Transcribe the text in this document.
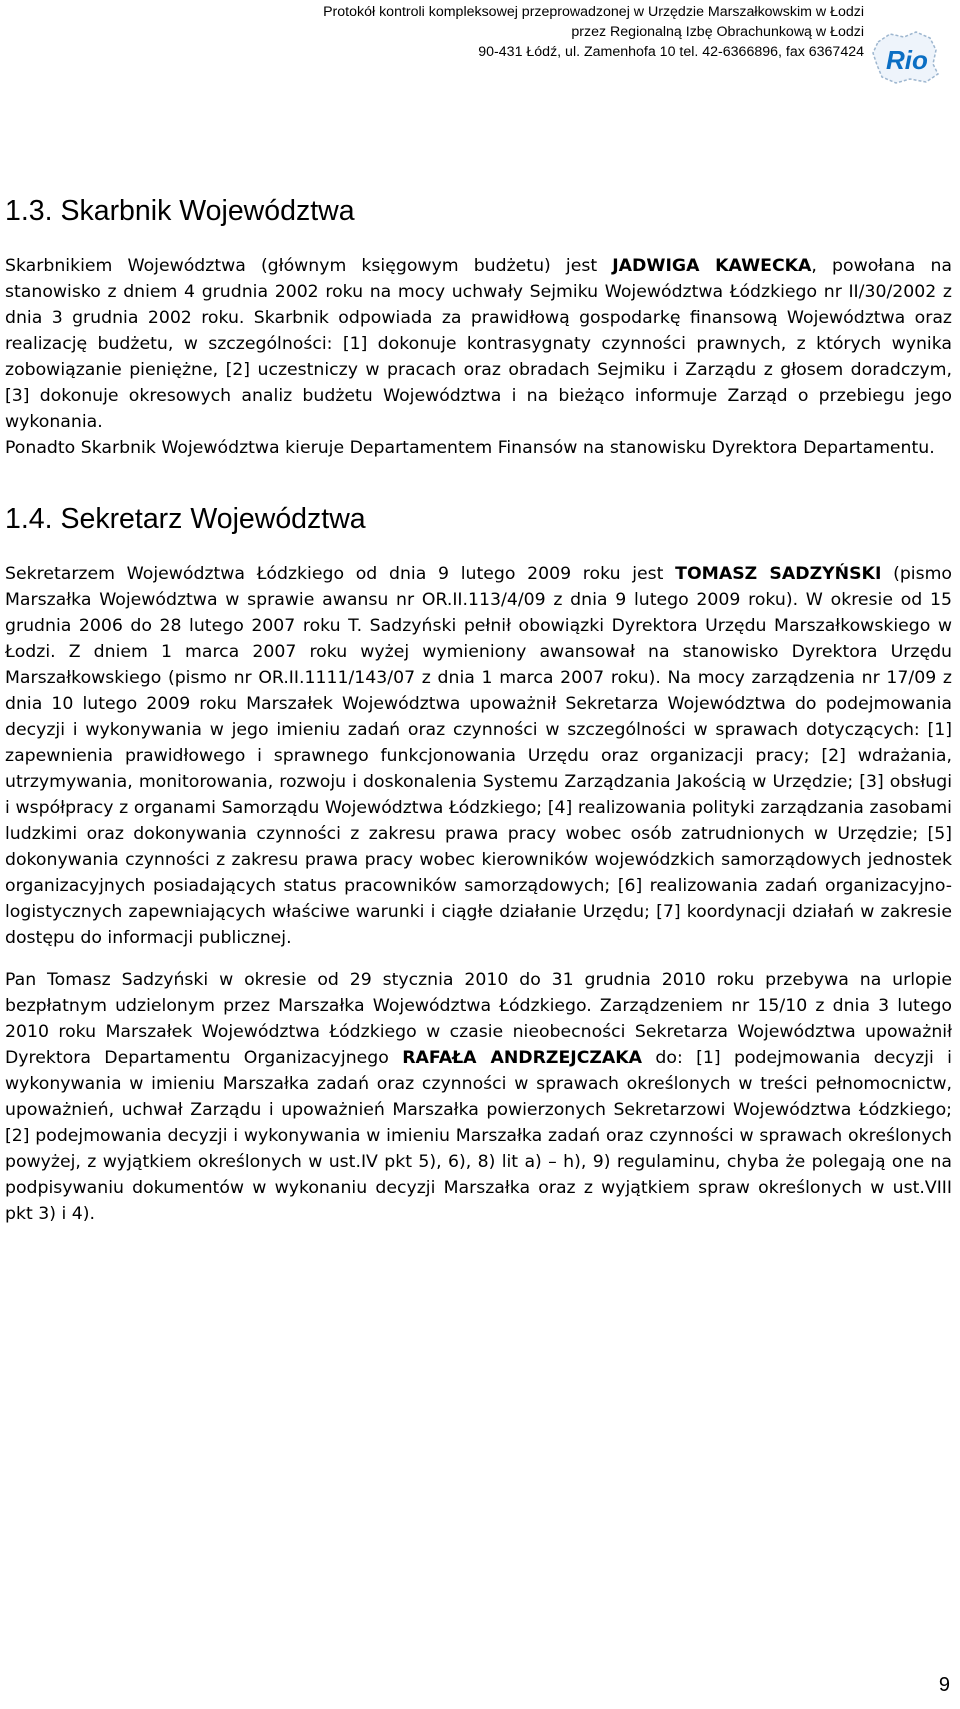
Protokół kontroli kompleksowej przeprowadzonej w Urzędzie Marszałkowskim w Łodzi
przez Regionalną Izbę Obrachunkową w Łodzi
90-431 Łódź, ul. Zamenhofa 10 tel. 42-6366896, fax 6367424 Rio
1.3. Skarbnik Województwa

Skarbnikiem Województwa (głównym księgowym budżetu) jest JADWIGA KAWECKA, powołana na stanowisko z dniem 4 grudnia 2002 roku na mocy uchwały Sejmiku Województwa Łódzkiego nr II/30/2002 z dnia 3 grudnia 2002 roku. Skarbnik odpowiada za prawidłową gospodarkę finansową Województwa oraz realizację budżetu, w szczególności: [1] dokonuje kontrasygnaty czynności prawnych, z których wynika zobowiązanie pieniężne, [2] uczestniczy w pracach oraz obradach Sejmiku i Zarządu z głosem doradczym, [3] dokonuje okresowych analiz budżetu Województwa i na bieżąco informuje Zarząd o przebiegu jego wykonania.

Ponadto Skarbnik Województwa kieruje Departamentem Finansów na stanowisku Dyrektora Departamentu.

1.4. Sekretarz Województwa

Sekretarzem Województwa Łódzkiego od dnia 9 lutego 2009 roku jest TOMASZ SADZYŃSKI (pismo Marszałka Województwa w sprawie awansu nr OR.II.113/4/09 z dnia 9 lutego 2009 roku). W okresie od 15 grudnia 2006 do 28 lutego 2007 roku T. Sadzyński pełnił obowiązki Dyrektora Urzędu Marszałkowskiego w Łodzi. Z dniem 1 marca 2007 roku wyżej wymieniony awansował na stanowisko Dyrektora Urzędu Marszałkowskiego (pismo nr OR.II.1111/143/07 z dnia 1 marca 2007 roku). Na mocy zarządzenia nr 17/09 z dnia 10 lutego 2009 roku Marszałek Województwa upoważnił Sekretarza Województwa do podejmowania decyzji i wykonywania w jego imieniu zadań oraz czynności w szczególności w sprawach dotyczących: [1] zapewnienia prawidłowego i sprawnego funkcjonowania Urzędu oraz organizacji pracy; [2] wdrażania, utrzymywania, monitorowania, rozwoju i doskonalenia Systemu Zarządzania Jakością w Urzędzie; [3] obsługi i współpracy z organami Samorządu Województwa Łódzkiego; [4] realizowania polityki zarządzania zasobami ludzkimi oraz dokonywania czynności z zakresu prawa pracy wobec osób zatrudnionych w Urzędzie; [5] dokonywania czynności z zakresu prawa pracy wobec kierowników wojewódzkich samorządowych jednostek organizacyjnych posiadających status pracowników samorządowych; [6] realizowania zadań organizacyjno-logistycznych zapewniających właściwe warunki i ciągłe działanie Urzędu; [7] koordynacji działań w zakresie dostępu do informacji publicznej.

Pan Tomasz Sadzyński w okresie od 29 stycznia 2010 do 31 grudnia 2010 roku przebywa na urlopie bezpłatnym udzielonym przez Marszałka Województwa Łódzkiego. Zarządzeniem nr 15/10 z dnia 3 lutego 2010 roku Marszałek Województwa Łódzkiego w czasie nieobecności Sekretarza Województwa upoważnił Dyrektora Departamentu Organizacyjnego RAFAŁA ANDRZEJCZAKA do: [1] podejmowania decyzji i wykonywania w imieniu Marszałka zadań oraz czynności w sprawach określonych w treści pełnomocnictw, upoważnień, uchwał Zarządu i upoważnień Marszałka powierzonych Sekretarzowi Województwa Łódzkiego; [2] podejmowania decyzji i wykonywania w imieniu Marszałka zadań oraz czynności w sprawach określonych powyżej, z wyjątkiem określonych w ust.IV pkt 5), 6), 8) lit a) – h), 9) regulaminu, chyba że polegają one na podpisywaniu dokumentów w wykonaniu decyzji Marszałka oraz z wyjątkiem spraw określonych w ust.VIII pkt 3) i 4).

9
